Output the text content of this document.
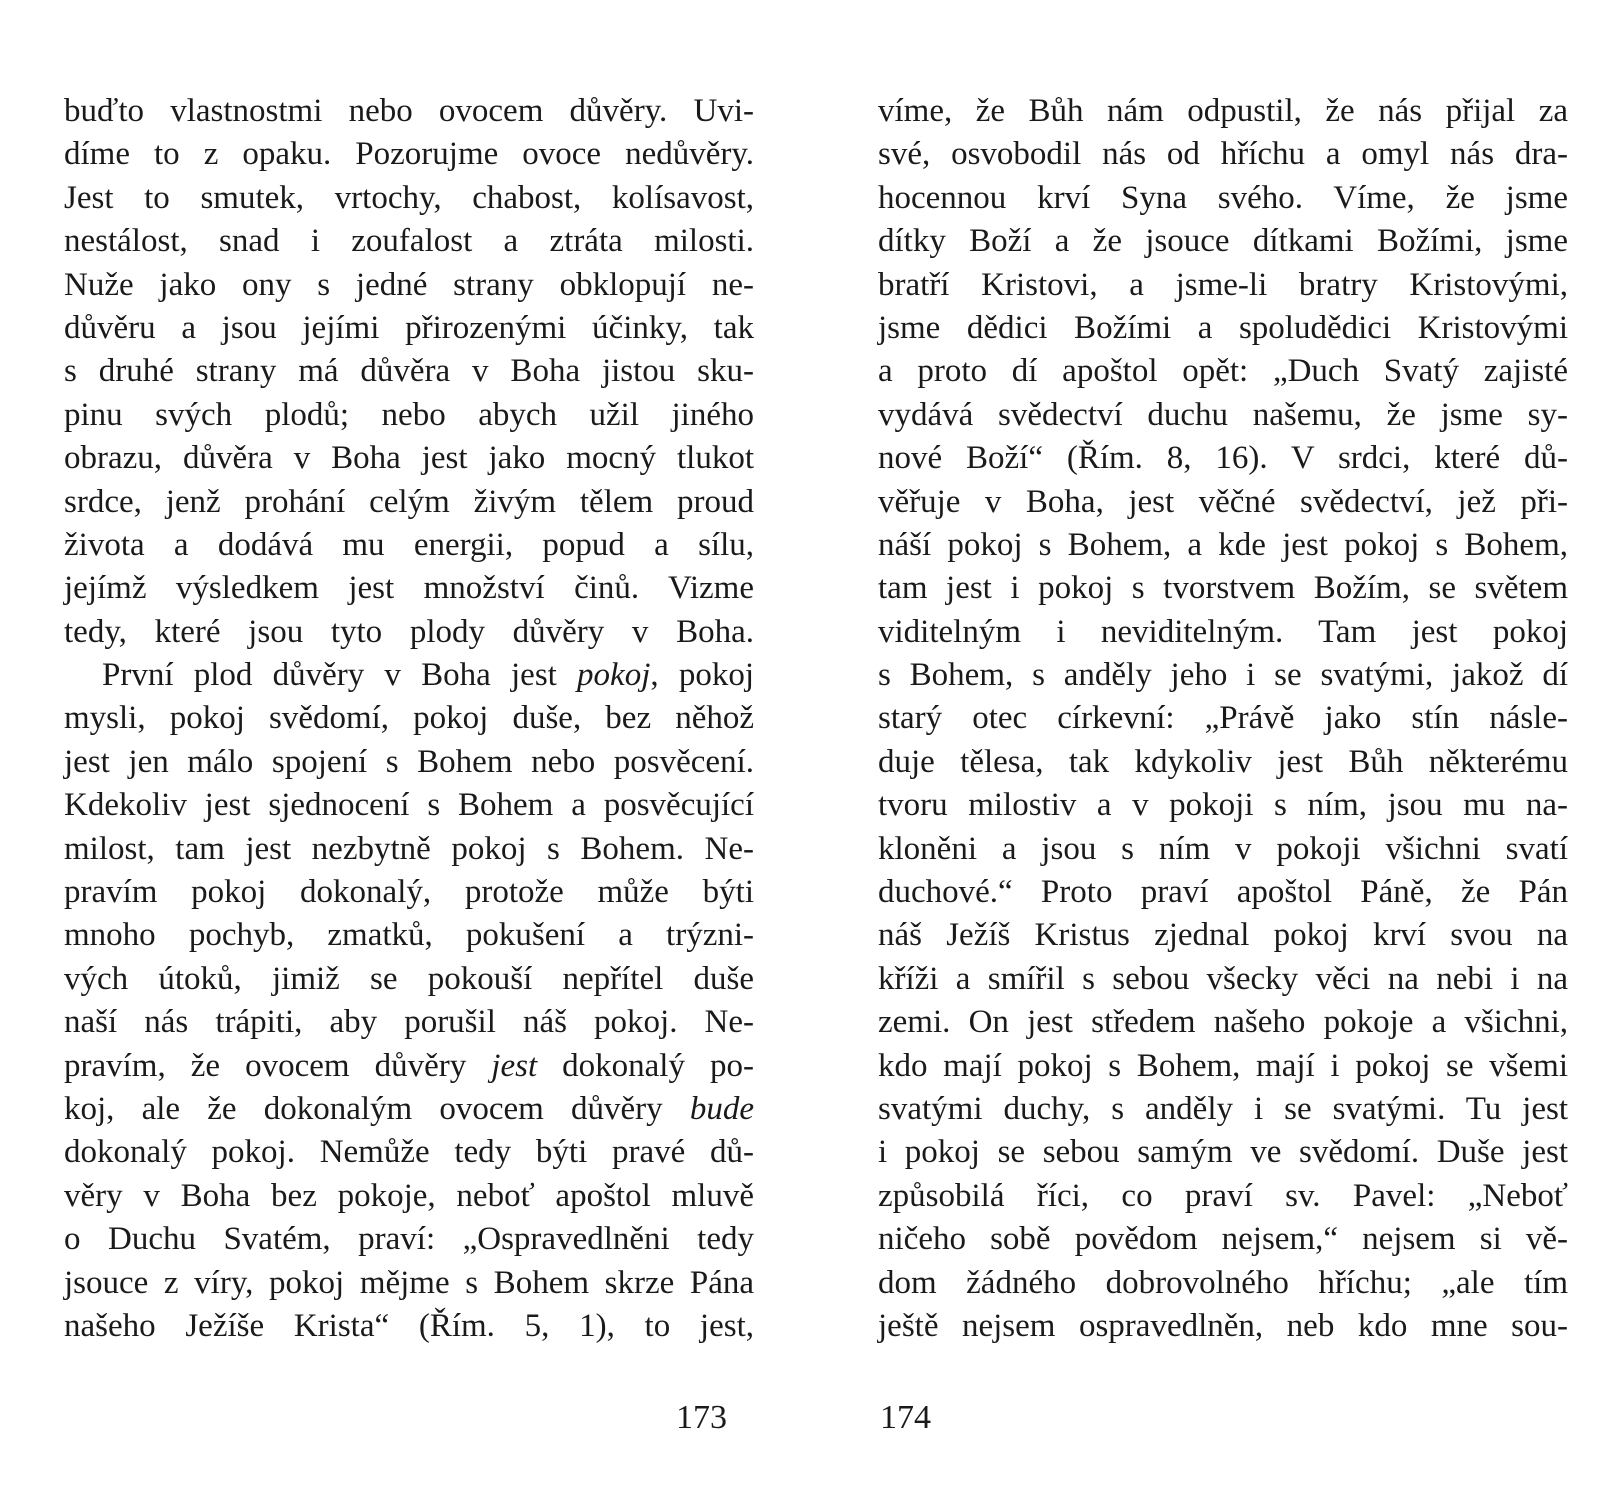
buďto vlastnostmi nebo ovocem důvěry. Uvi-
díme to z opaku. Pozorujme ovoce nedůvěry.
Jest to smutek, vrtochy, chabost, kolísavost,
nestálost, snad i zoufalost a ztráta milosti.
Nuže jako ony s jedné strany obklopují ne-
důvěru a jsou jejími přirozenými účinky, tak
s druhé strany má důvěra v Boha jistou sku-
pinu svých plodů; nebo abych užil jiného
obrazu, důvěra v Boha jest jako mocný tlukot
srdce, jenž prohání celým živým tělem proud
života a dodává mu energii, popud a sílu,
jejímž výsledkem jest množství činů. Vizme
tedy, které jsou tyto plody důvěry v Boha.
První plod důvěry v Boha jest pokoj, pokoj
mysli, pokoj svědomí, pokoj duše, bez něhož
jest jen málo spojení s Bohem nebo posvěcení.
Kdekoliv jest sjednocení s Bohem a posvěcující
milost, tam jest nezbytně pokoj s Bohem. Ne-
pravím pokoj dokonalý, protože může býti
mnoho pochyb, zmatků, pokušení a trýzni-
vých útoků, jimiž se pokouší nepřítel duše
naší nás trápiti, aby porušil náš pokoj. Ne-
pravím, že ovocem důvěry jest dokonalý po-
koj, ale že dokonalým ovocem důvěry bude
dokonalý pokoj. Nemůže tedy býti pravé dů-
věry v Boha bez pokoje, neboť apoštol mluvě
o Duchu Svatém, praví: „Ospravedlněni tedy
jsouce z víry, pokoj mějme s Bohem skrze Pána
našeho Ježíše Krista“ (Řím. 5, 1), to jest,
173
víme, že Bůh nám odpustil, že nás přijal za
své, osvobodil nás od hříchu a omyl nás dra-
hocennou krví Syna svého. Víme, že jsme
dítky Boží a že jsouce dítkami Božími, jsme
bratří Kristovi, a jsme-li bratry Kristovými,
jsme dědici Božími a spoludědici Kristovými
a proto dí apoštol opět: „Duch Svatý zajisté
vydává svědectví duchu našemu, že jsme sy-
nové Boží“ (Řím. 8, 16). V srdci, které dů-
věřuje v Boha, jest věčné svědectví, jež při-
náší pokoj s Bohem, a kde jest pokoj s Bohem,
tam jest i pokoj s tvorstvem Božím, se světem
viditelným i neviditelným. Tam jest pokoj
s Bohem, s anděly jeho i se svatými, jakož dí
starý otec církevní: „Právě jako stín násle-
duje tělesa, tak kdykoliv jest Bůh některému
tvoru milostiv a v pokoji s ním, jsou mu na-
kloněni a jsou s ním v pokoji všichni svatí
duchové.“ Proto praví apoštol Páně, že Pán
náš Ježíš Kristus zjednal pokoj krví svou na
kříži a smířil s sebou všecky věci na nebi i na
zemi. On jest středem našeho pokoje a všichni,
kdo mají pokoj s Bohem, mají i pokoj se všemi
svatými duchy, s anděly i se svatými. Tu jest
i pokoj se sebou samým ve svědomí. Duše jest
způsobilá říci, co praví sv. Pavel: „Neboť
ničeho sobě povědom nejsem,“ nejsem si vě-
dom žádného dobrovolného hříchu; „ale tím
ještě nejsem ospravedlněn, neb kdo mne sou-
174
